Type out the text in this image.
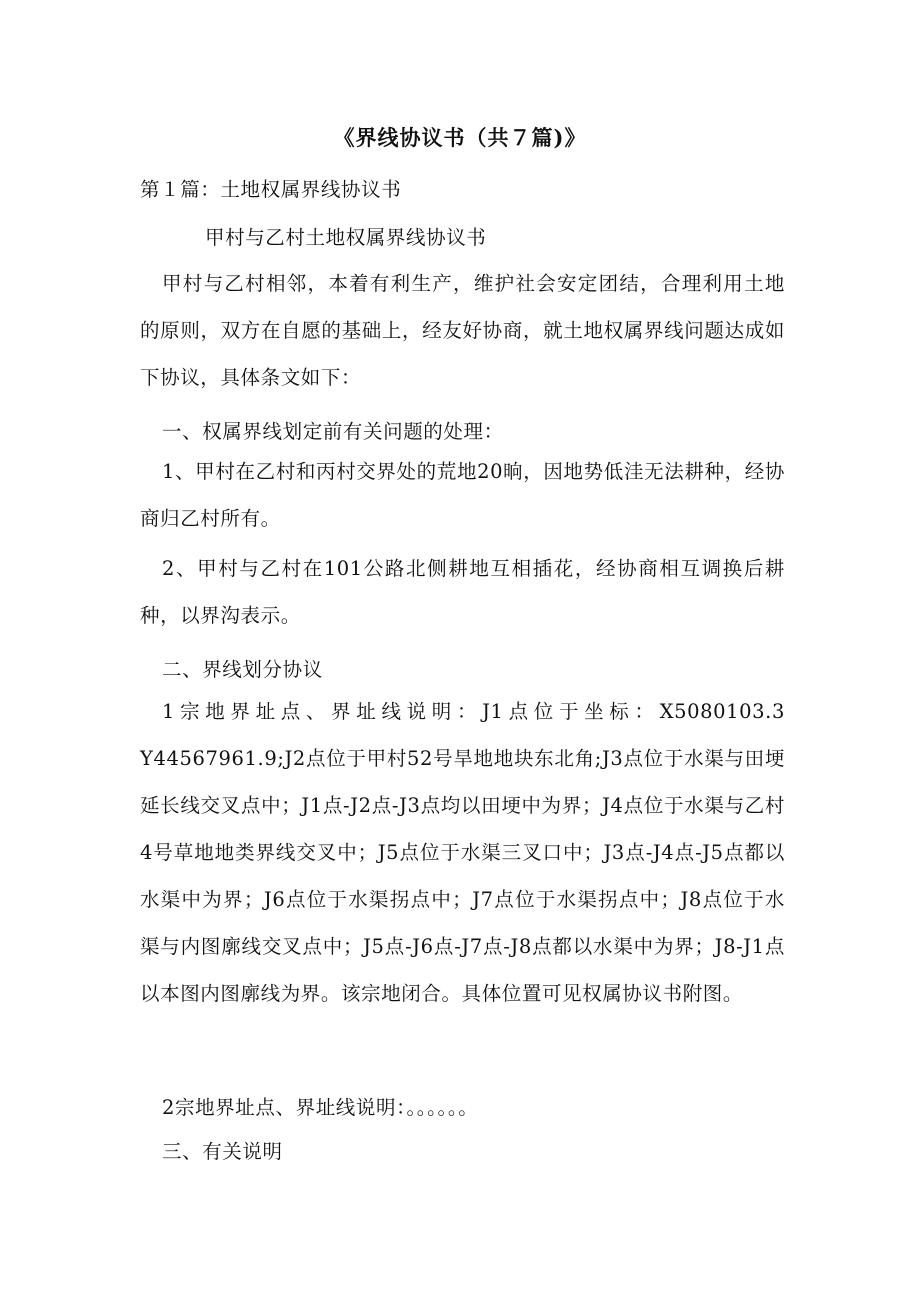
《界线协议书（共７篇)》
第１篇：土地权属界线协议书
甲村与乙村土地权属界线协议书
甲村与乙村相邻，本着有利生产，维护社会安定团结，合理利用土地的原则，双方在自愿的基础上，经友好协商，就土地权属界线问题达成如下协议，具体条文如下：
一、权属界线划定前有关问题的处理：
1、甲村在乙村和丙村交界处的荒地20晌，因地势低洼无法耕种，经协商归乙村所有。
2、甲村与乙村在101公路北侧耕地互相插花，经协商相互调换后耕种，以界沟表示。
二、界线划分协议
1宗地界址点、界址线说明：J1点位于坐标：X5080103.3 Y44567961.9;J2点位于甲村52号旱地地块东北角;J3点位于水渠与田埂延长线交叉点中；J1点-J2点-J3点均以田埂中为界；J4点位于水渠与乙村4号草地地类界线交叉中；J5点位于水渠三叉口中；J3点-J4点-J5点都以水渠中为界；J6点位于水渠拐点中；J7点位于水渠拐点中；J8点位于水渠与内图廓线交叉点中；J5点-J6点-J7点-J8点都以水渠中为界；J8-J1点以本图内图廓线为界。该宗地闭合。具体位置可见权属协议书附图。
2宗地界址点、界址线说明：。。。。。。
三、有关说明
